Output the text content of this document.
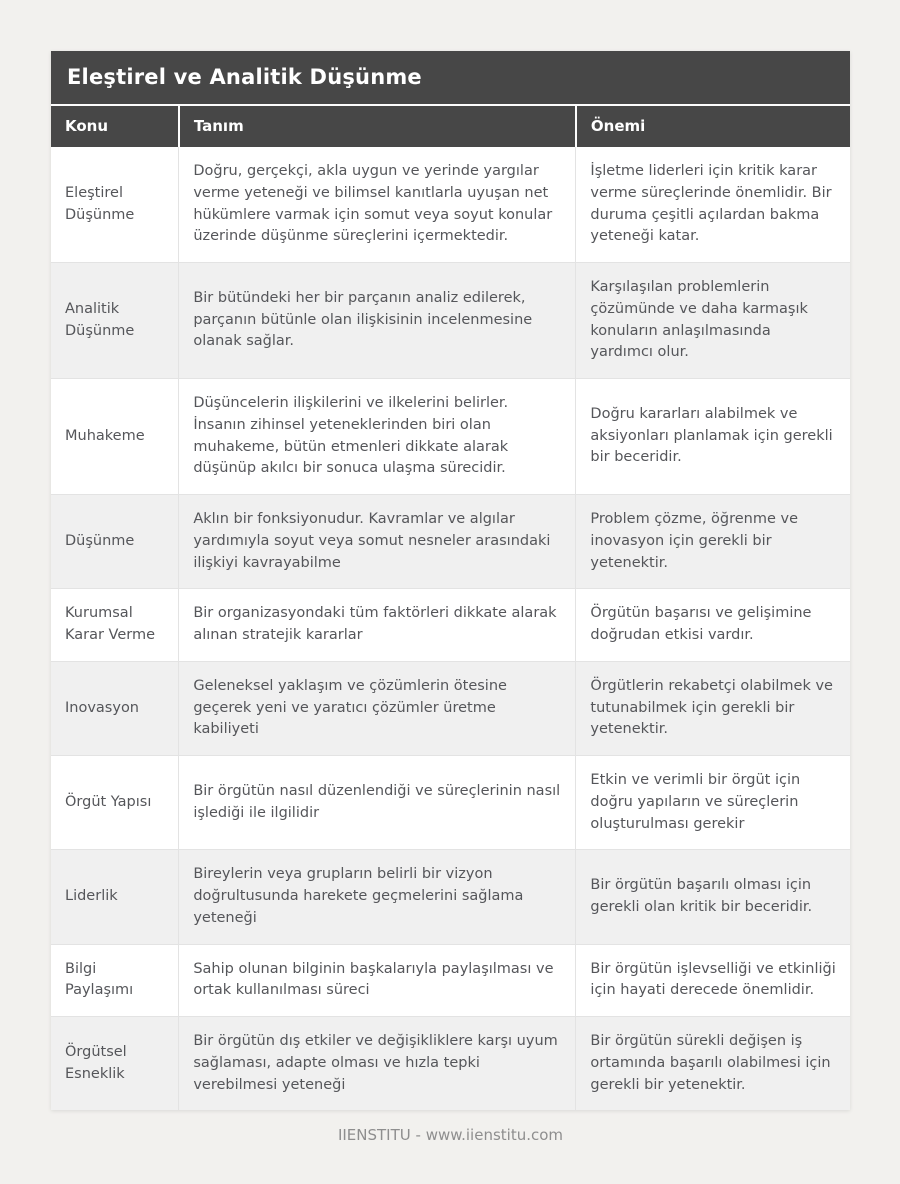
Eleştirel ve Analitik Düşünme
Konu	Tanım	Önemi
Eleştirel Düşünme	Doğru, gerçekçi, akla uygun ve yerinde yargılar verme yeteneği ve bilimsel kanıtlarla uyuşan net hükümlere varmak için somut veya soyut konular üzerinde düşünme süreçlerini içermektedir.	İşletme liderleri için kritik karar verme süreçlerinde önemlidir. Bir duruma çeşitli açılardan bakma yeteneği katar.
Analitik Düşünme	Bir bütündeki her bir parçanın analiz edilerek, parçanın bütünle olan ilişkisinin incelenmesine olanak sağlar.	Karşılaşılan problemlerin çözümünde ve daha karmaşık konuların anlaşılmasında yardımcı olur.
Muhakeme	Düşüncelerin ilişkilerini ve ilkelerini belirler. İnsanın zihinsel yeteneklerinden biri olan muhakeme, bütün etmenleri dikkate alarak düşünüp akılcı bir sonuca ulaşma sürecidir.	Doğru kararları alabilmek ve aksiyonları planlamak için gerekli bir beceridir.
Düşünme	Aklın bir fonksiyonudur. Kavramlar ve algılar yardımıyla soyut veya somut nesneler arasındaki ilişkiyi kavrayabilme	Problem çözme, öğrenme ve inovasyon için gerekli bir yetenektir.
Kurumsal Karar Verme	Bir organizasyondaki tüm faktörleri dikkate alarak alınan stratejik kararlar	Örgütün başarısı ve gelişimine doğrudan etkisi vardır.
Inovasyon	Geleneksel yaklaşım ve çözümlerin ötesine geçerek yeni ve yaratıcı çözümler üretme kabiliyeti	Örgütlerin rekabetçi olabilmek ve tutunabilmek için gerekli bir yetenektir.
Örgüt Yapısı	Bir örgütün nasıl düzenlendiği ve süreçlerinin nasıl işlediği ile ilgilidir	Etkin ve verimli bir örgüt için doğru yapıların ve süreçlerin oluşturulması gerekir
Liderlik	Bireylerin veya grupların belirli bir vizyon doğrultusunda harekete geçmelerini sağlama yeteneği	Bir örgütün başarılı olması için gerekli olan kritik bir beceridir.
Bilgi Paylaşımı	Sahip olunan bilginin başkalarıyla paylaşılması ve ortak kullanılması süreci	Bir örgütün işlevselliği ve etkinliği için hayati derecede önemlidir.
Örgütsel Esneklik	Bir örgütün dış etkiler ve değişikliklere karşı uyum sağlaması, adapte olması ve hızla tepki verebilmesi yeteneği	Bir örgütün sürekli değişen iş ortamında başarılı olabilmesi için gerekli bir yetenektir.
IIENSTITU - www.iienstitu.com
